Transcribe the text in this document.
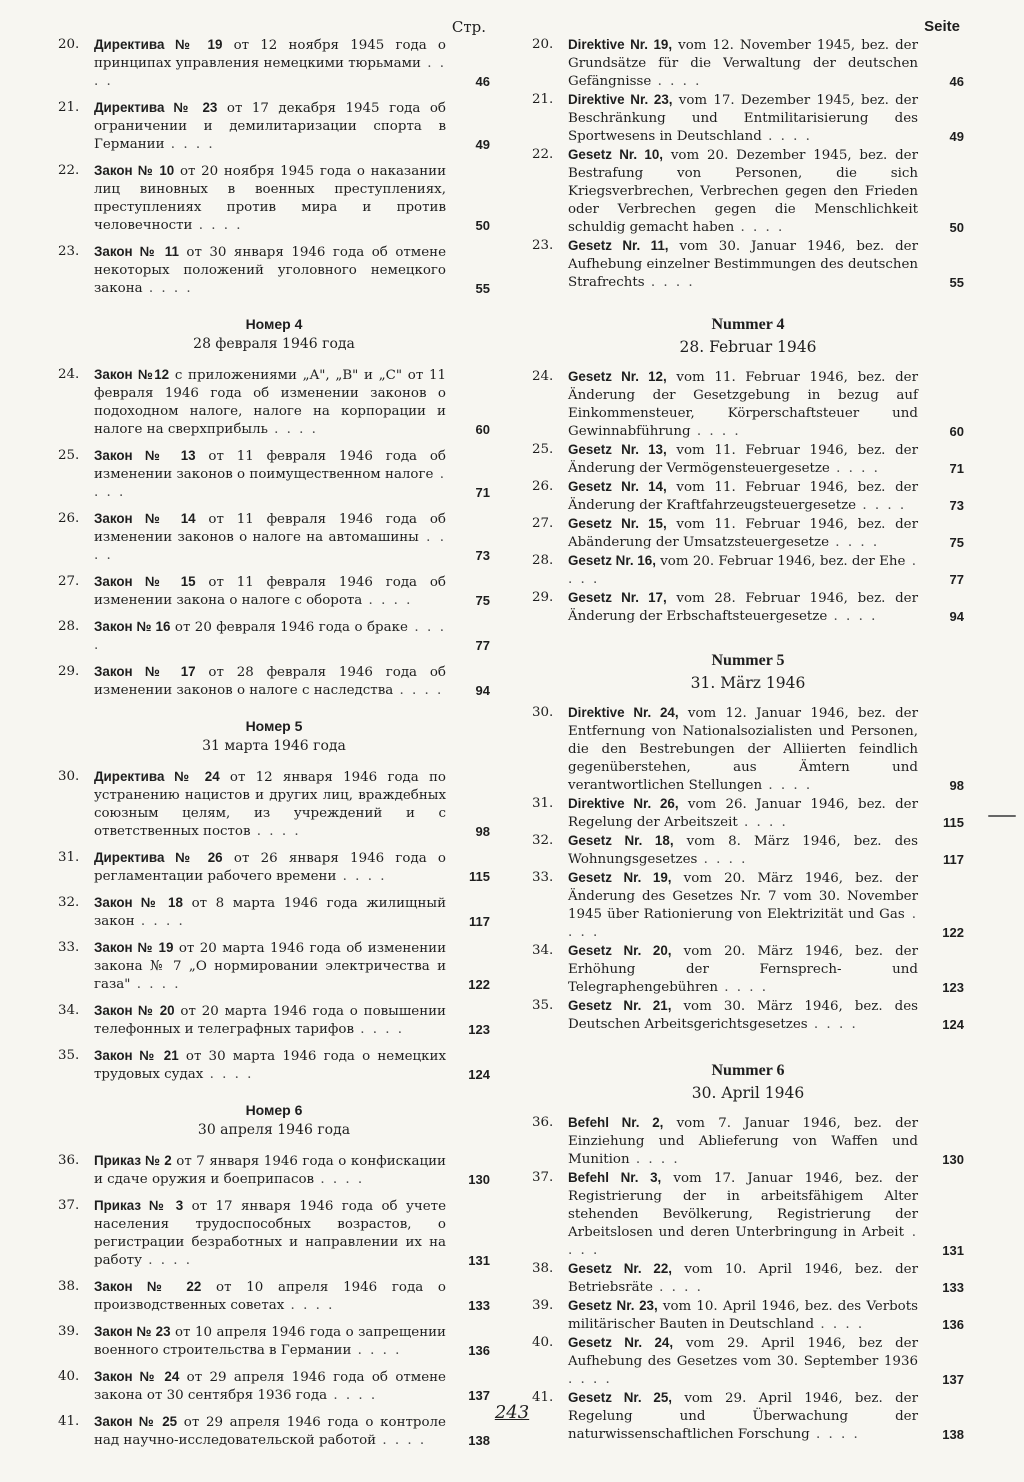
Стр.
20.	Директива № 19 от 12 ноября 1945 года о принципах управления немецкими тюрьмами . . . .	46
21.	Директива № 23 от 17 декабря 1945 года об ограничении и демилитаризации спорта в Германии . . . .	49
22.	Закон № 10 от 20 ноября 1945 года о наказании лиц виновных в военных преступлениях, преступлениях против мира и против человечности . . . .	50
23.	Закон № 11 от 30 января 1946 года об отмене некоторых положений уголовного немецкого закона . . . .	55
Номер 4
28 февраля 1946 года
24.	Закон №12 с приложениями „A", „B" и „C" от 11 февраля 1946 года об изменении законов о подоходном налоге, налоге на корпорации и налоге на сверхприбыль . . . .	60
25.	Закон № 13 от 11 февраля 1946 года об изменении законов о поимущественном налоге . . . .	71
26.	Закон № 14 от 11 февраля 1946 года об изменении законов о налоге на автомашины . . . .	73
27.	Закон № 15 от 11 февраля 1946 года об изменении закона о налоге с оборота . . . .	75
28.	Закон № 16 от 20 февраля 1946 года о браке . . . .	77
29.	Закон № 17 от 28 февраля 1946 года об изменении законов о налоге с наследства . . . .	94
Номер 5
31 марта 1946 года
30.	Директива № 24 от 12 января 1946 года по устранению нацистов и других лиц, враждебных союзным целям, из учреждений и с ответственных постов . . . .	98
31.	Директива № 26 от 26 января 1946 года о регламентации рабочего времени . . . .	115
32.	Закон № 18 от 8 марта 1946 года жилищный закон . . . .	117
33.	Закон № 19 от 20 марта 1946 года об изменении закона № 7 „О нормировании электричества и газа" . . . .	122
34.	Закон № 20 от 20 марта 1946 года о повышении телефонных и телеграфных тарифов . . . .	123
35.	Закон № 21 от 30 марта 1946 года о немецких трудовых судах . . . .	124
Номер 6
30 апреля 1946 года
36.	Приказ № 2 от 7 января 1946 года о конфискации и сдаче оружия и боеприпасов . . . .	130
37.	Приказ № 3 от 17 января 1946 года об учете населения трудоспособных возрастов, о регистрации безработных и направлении их на работу . . . .	131
38.	Закон № 22 от 10 апреля 1946 года о производственных советах . . . .	133
39.	Закон № 23 от 10 апреля 1946 года о запрещении военного строительства в Германии . . . .	136
40.	Закон № 24 от 29 апреля 1946 года об отмене закона от 30 сентября 1936 года . . . .	137
41.	Закон № 25 от 29 апреля 1946 года о контроле над научно-исследовательской работой . . . .	138
Seite
20.	Direktive Nr. 19, vom 12. November 1945, bez. der Grundsätze für die Verwaltung der deutschen Gefängnisse . . . .	46
21.	Direktive Nr. 23, vom 17. Dezember 1945, bez. der Beschränkung und Entmilitarisierung des Sportwesens in Deutschland . . . .	49
22.	Gesetz Nr. 10, vom 20. Dezember 1945, bez. der Bestrafung von Personen, die sich Kriegsverbrechen, Verbrechen gegen den Frieden oder Verbrechen gegen die Menschlichkeit schuldig gemacht haben . . . .	50
23.	Gesetz Nr. 11, vom 30. Januar 1946, bez. der Aufhebung einzelner Bestimmungen des deutschen Strafrechts . . . .	55
Nummer 4
28. Februar 1946
24.	Gesetz Nr. 12, vom 11. Februar 1946, bez. der Änderung der Gesetzgebung in bezug auf Einkommensteuer, Körperschaftsteuer und Gewinnabführung . . . .	60
25.	Gesetz Nr. 13, vom 11. Februar 1946, bez. der Änderung der Vermögensteuergesetze . . . .	71
26.	Gesetz Nr. 14, vom 11. Februar 1946, bez. der Änderung der Kraftfahrzeugsteuergesetze . . . .	73
27.	Gesetz Nr. 15, vom 11. Februar 1946, bez. der Abänderung der Umsatzsteuergesetze . . . .	75
28.	Gesetz Nr. 16, vom 20. Februar 1946, bez. der Ehe . . . .	77
29.	Gesetz Nr. 17, vom 28. Februar 1946, bez. der Änderung der Erbschaftsteuergesetze . . . .	94
Nummer 5
31. März 1946
30.	Direktive Nr. 24, vom 12. Januar 1946, bez. der Entfernung von Nationalsozialisten und Personen, die den Bestrebungen der Alliierten feindlich gegenüberstehen, aus Ämtern und verantwortlichen Stellungen . . . .	98
31.	Direktive Nr. 26, vom 26. Januar 1946, bez. der Regelung der Arbeitszeit . . . .	115
32.	Gesetz Nr. 18, vom 8. März 1946, bez. des Wohnungsgesetzes . . . .	117
33.	Gesetz Nr. 19, vom 20. März 1946, bez. der Änderung des Gesetzes Nr. 7 vom 30. November 1945 über Rationierung von Elektrizität und Gas . . . .	122
34.	Gesetz Nr. 20, vom 20. März 1946, bez. der Erhöhung der Fernsprech- und Telegraphengebühren . . . .	123
35.	Gesetz Nr. 21, vom 30. März 1946, bez. des Deutschen Arbeitsgerichtsgesetzes . . . .	124
Nummer 6
30. April 1946
36.	Befehl Nr. 2, vom 7. Januar 1946, bez. der Einziehung und Ablieferung von Waffen und Munition . . . .	130
37.	Befehl Nr. 3, vom 17. Januar 1946, bez. der Registrierung der in arbeitsfähigem Alter stehenden Bevölkerung, Registrierung der Arbeitslosen und deren Unterbringung in Arbeit . . . .	131
38.	Gesetz Nr. 22, vom 10. April 1946, bez. der Betriebsräte . . . .	133
39.	Gesetz Nr. 23, vom 10. April 1946, bez. des Verbots militärischer Bauten in Deutschland . . . .	136
40.	Gesetz Nr. 24, vom 29. April 1946, bez der Aufhebung des Gesetzes vom 30. September 1936 . . . .	137
41.	Gesetz Nr. 25, vom 29. April 1946, bez. der Regelung und Überwachung der naturwissenschaftlichen Forschung . . . .	138
243
